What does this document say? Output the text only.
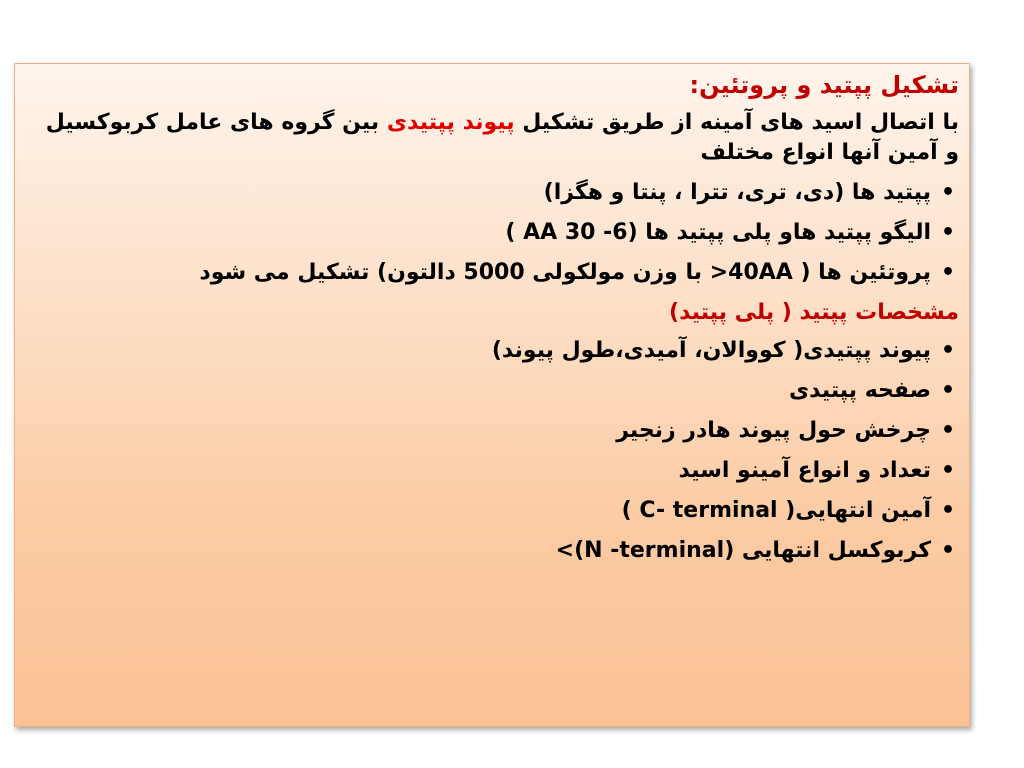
تشکیل پپتید و پروتئین:
با اتصال اسید های آمینه از طریق تشکیل پیوند پپتیدی بین گروه های عامل کربوکسیل و آمین آنها انواع مختلف
•
پپتید ها (دی، تری، تترا ، پنتا و هگزا)
•
الیگو پپتید هاو پلی پپتید ها (6- 30 AA )
•
پروتئین ها ( 40AA< با وزن مولکولی 5000 دالتون) تشکیل می شود
مشخصات پپتید ( پلی پپتید)
•
پیوند پپتیدی( کووالان، آمیدی،طول پیوند)
•
صفحه پپتیدی
•
چرخش حول پیوند هادر زنجیر
•
تعداد و انواع آمینو اسید
•
آمین انتهایی( C- terminal )
•
کربوکسل انتهایی (N -terminal)>
